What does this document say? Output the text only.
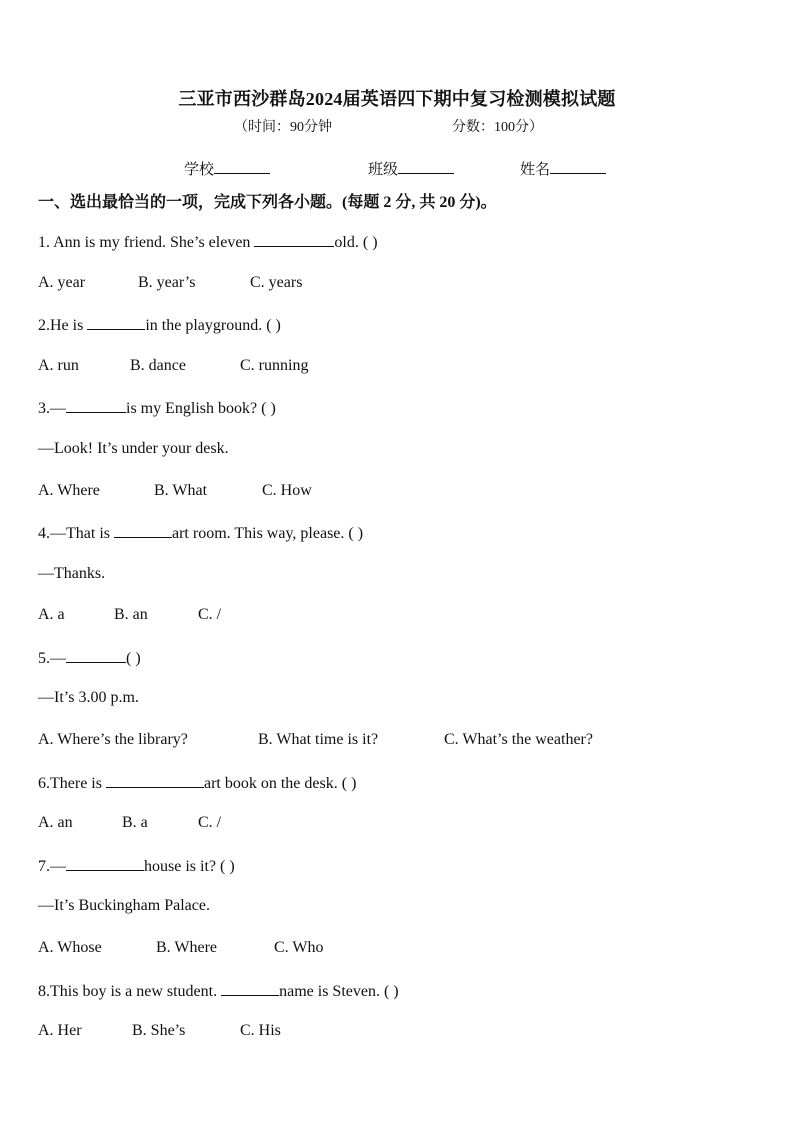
三亚市西沙群岛2024届英语四下期中复习检测模拟试题
（时间：90分钟	分数：100分）
学校	班级	姓名
一、选出最恰当的一项，完成下列各小题。(每题 2 分, 共 20 分)。
1. Ann is my friend. She’s eleven	old. ( )
A. year	B. year’s	C. years
2.He is	in the playground. ( )
A. run	B. dance	C. running
3.—	is my English book? ( )
—Look! It’s under your desk.
A. Where	B. What	C. How
4.—That is	art room. This way, please. ( )
—Thanks.
A. a	B. an	C. /
5.—	( )
—It’s 3.00 p.m.
A. Where’s the library?	B. What time is it?	C. What’s the weather?
6.There is	art book on the desk. ( )
A. an	B. a	C. /
7.—	house is it? ( )
—It’s Buckingham Palace.
A. Whose	B. Where	C. Who
8.This boy is a new student.	name is Steven. ( )
A. Her	B. She’s	C. His
